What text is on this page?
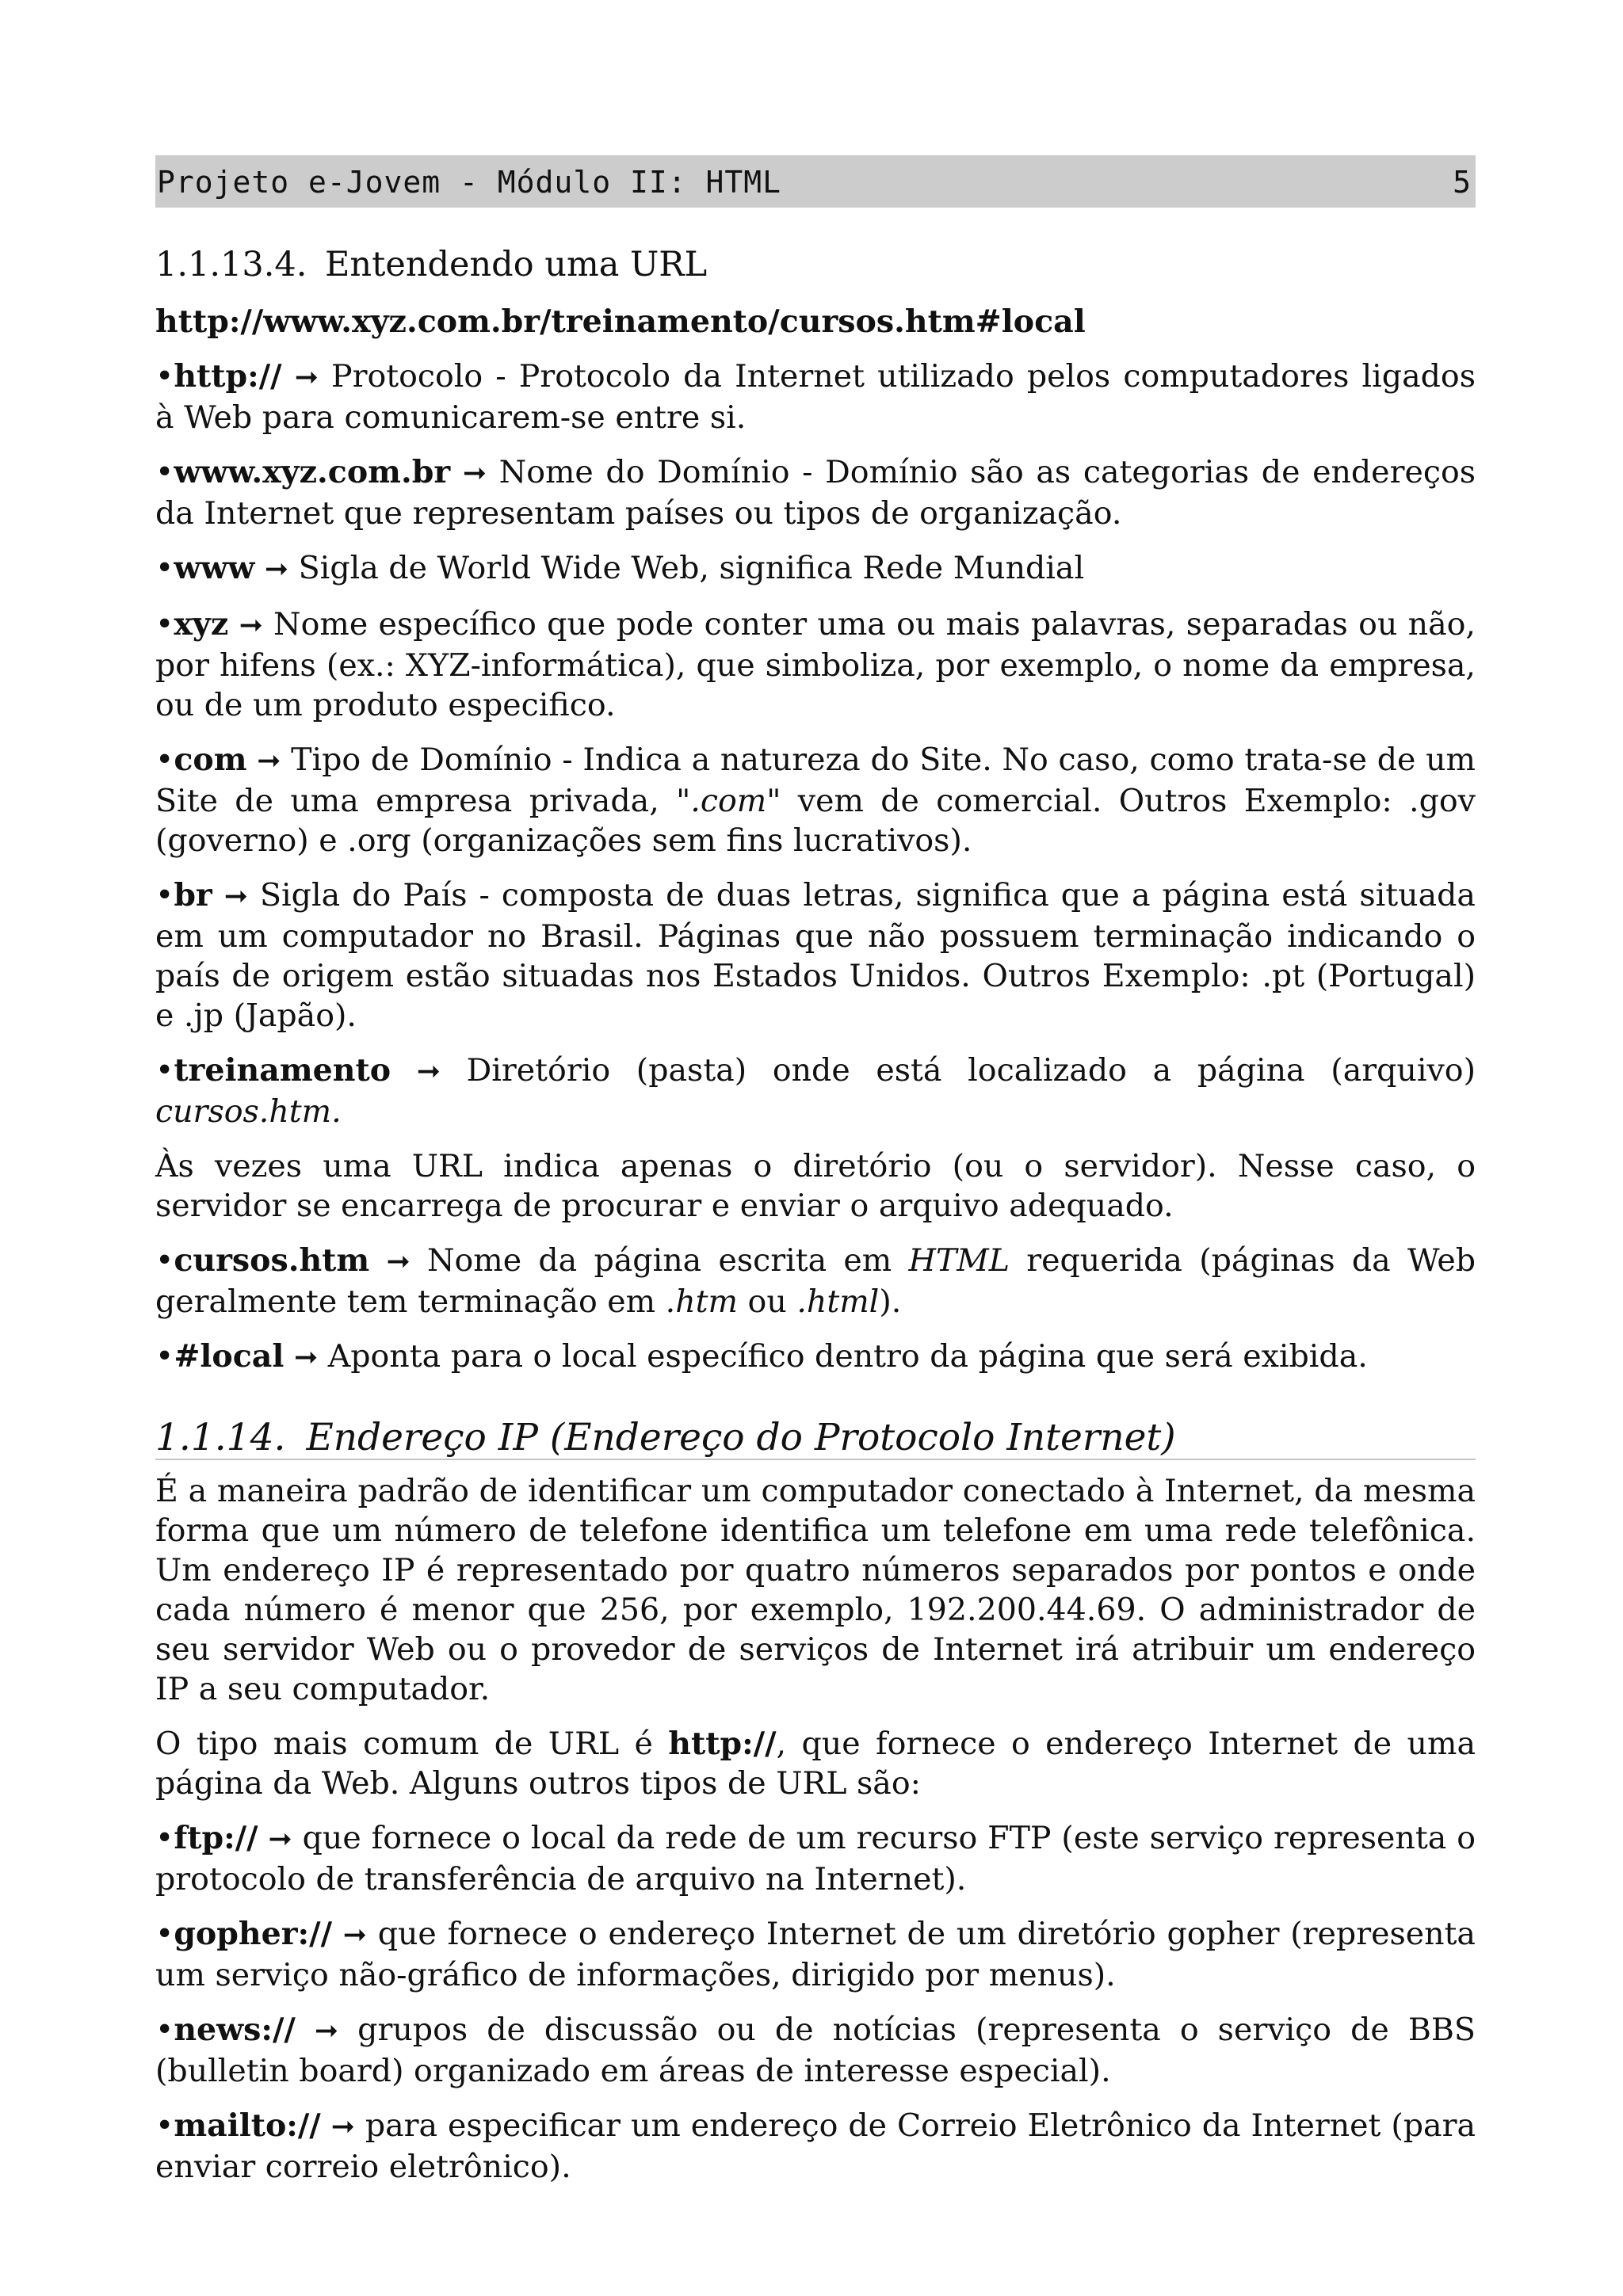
Projeto e-Jovem - Módulo II: HTML	5

1.1.13.4. Entendendo uma URL

http://www.xyz.com.br/treinamento/cursos.htm#local

•http:// ➞ Protocolo - Protocolo da Internet utilizado pelos computadores ligados à Web para comunicarem-se entre si.

•www.xyz.com.br ➞ Nome do Domínio - Domínio são as categorias de endereços da Internet que representam países ou tipos de organização.

•www ➞ Sigla de World Wide Web, significa Rede Mundial

•xyz ➞ Nome específico que pode conter uma ou mais palavras, separadas ou não, por hifens (ex.: XYZ-informática), que simboliza, por exemplo, o nome da empresa, ou de um produto especifico.

•com ➞ Tipo de Domínio - Indica a natureza do Site. No caso, como trata-se de um Site de uma empresa privada, ".com" vem de comercial. Outros Exemplo: .gov (governo) e .org (organizações sem fins lucrativos).

•br ➞ Sigla do País - composta de duas letras, significa que a página está situada em um computador no Brasil. Páginas que não possuem terminação indicando o país de origem estão situadas nos Estados Unidos. Outros Exemplo: .pt (Portugal) e .jp (Japão).

•treinamento ➞ Diretório (pasta) onde está localizado a página (arquivo) cursos.htm.

Às vezes uma URL indica apenas o diretório (ou o servidor). Nesse caso, o servidor se encarrega de procurar e enviar o arquivo adequado.

•cursos.htm ➞ Nome da página escrita em HTML requerida (páginas da Web geralmente tem terminação em .htm ou .html).

•#local ➞ Aponta para o local específico dentro da página que será exibida.

1.1.14. Endereço IP (Endereço do Protocolo Internet)

É a maneira padrão de identificar um computador conectado à Internet, da mesma forma que um número de telefone identifica um telefone em uma rede telefônica. Um endereço IP é representado por quatro números separados por pontos e onde cada número é menor que 256, por exemplo, 192.200.44.69. O administrador de seu servidor Web ou o provedor de serviços de Internet irá atribuir um endereço IP a seu computador.

O tipo mais comum de URL é http://, que fornece o endereço Internet de uma página da Web. Alguns outros tipos de URL são:

•ftp:// ➞ que fornece o local da rede de um recurso FTP (este serviço representa o protocolo de transferência de arquivo na Internet).

•gopher:// ➞ que fornece o endereço Internet de um diretório gopher (representa um serviço não-gráfico de informações, dirigido por menus).

•news:// ➞ grupos de discussão ou de notícias (representa o serviço de BBS (bulletin board) organizado em áreas de interesse especial).

•mailto:// ➞ para especificar um endereço de Correio Eletrônico da Internet (para enviar correio eletrônico).
